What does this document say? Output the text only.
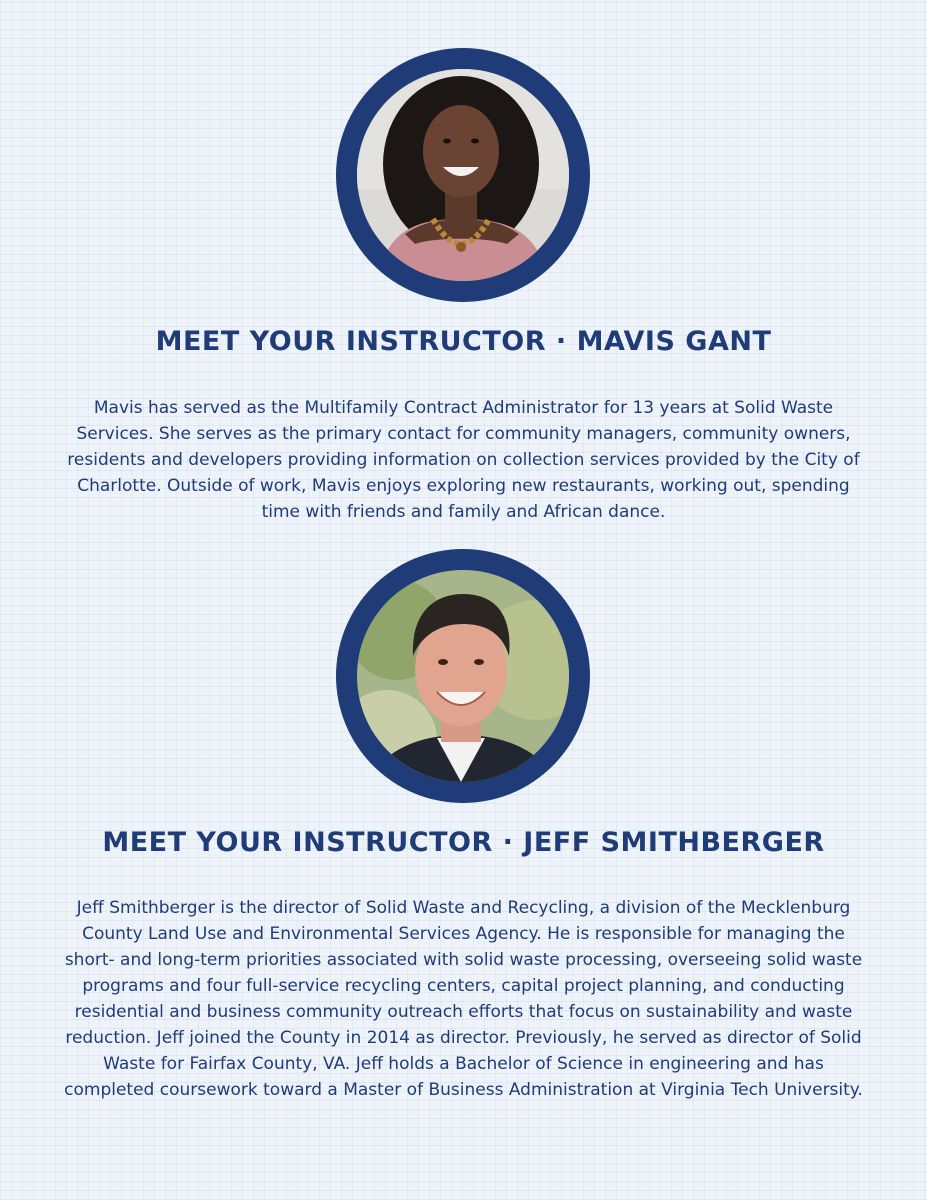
MEET YOUR INSTRUCTOR · MAVIS GANT

Mavis has served as the Multifamily Contract Administrator for 13 years at Solid Waste Services. She serves as the primary contact for community managers, community owners, residents and developers providing information on collection services provided by the City of Charlotte. Outside of work, Mavis enjoys exploring new restaurants, working out, spending time with friends and family and African dance.

MEET YOUR INSTRUCTOR · JEFF SMITHBERGER

Jeff Smithberger is the director of Solid Waste and Recycling, a division of the Mecklenburg County Land Use and Environmental Services Agency. He is responsible for managing the short- and long-term priorities associated with solid waste processing, overseeing solid waste programs and four full-service recycling centers, capital project planning, and conducting residential and business community outreach efforts that focus on sustainability and waste reduction. Jeff joined the County in 2014 as director. Previously, he served as director of Solid Waste for Fairfax County, VA. Jeff holds a Bachelor of Science in engineering and has completed coursework toward a Master of Business Administration at Virginia Tech University.
